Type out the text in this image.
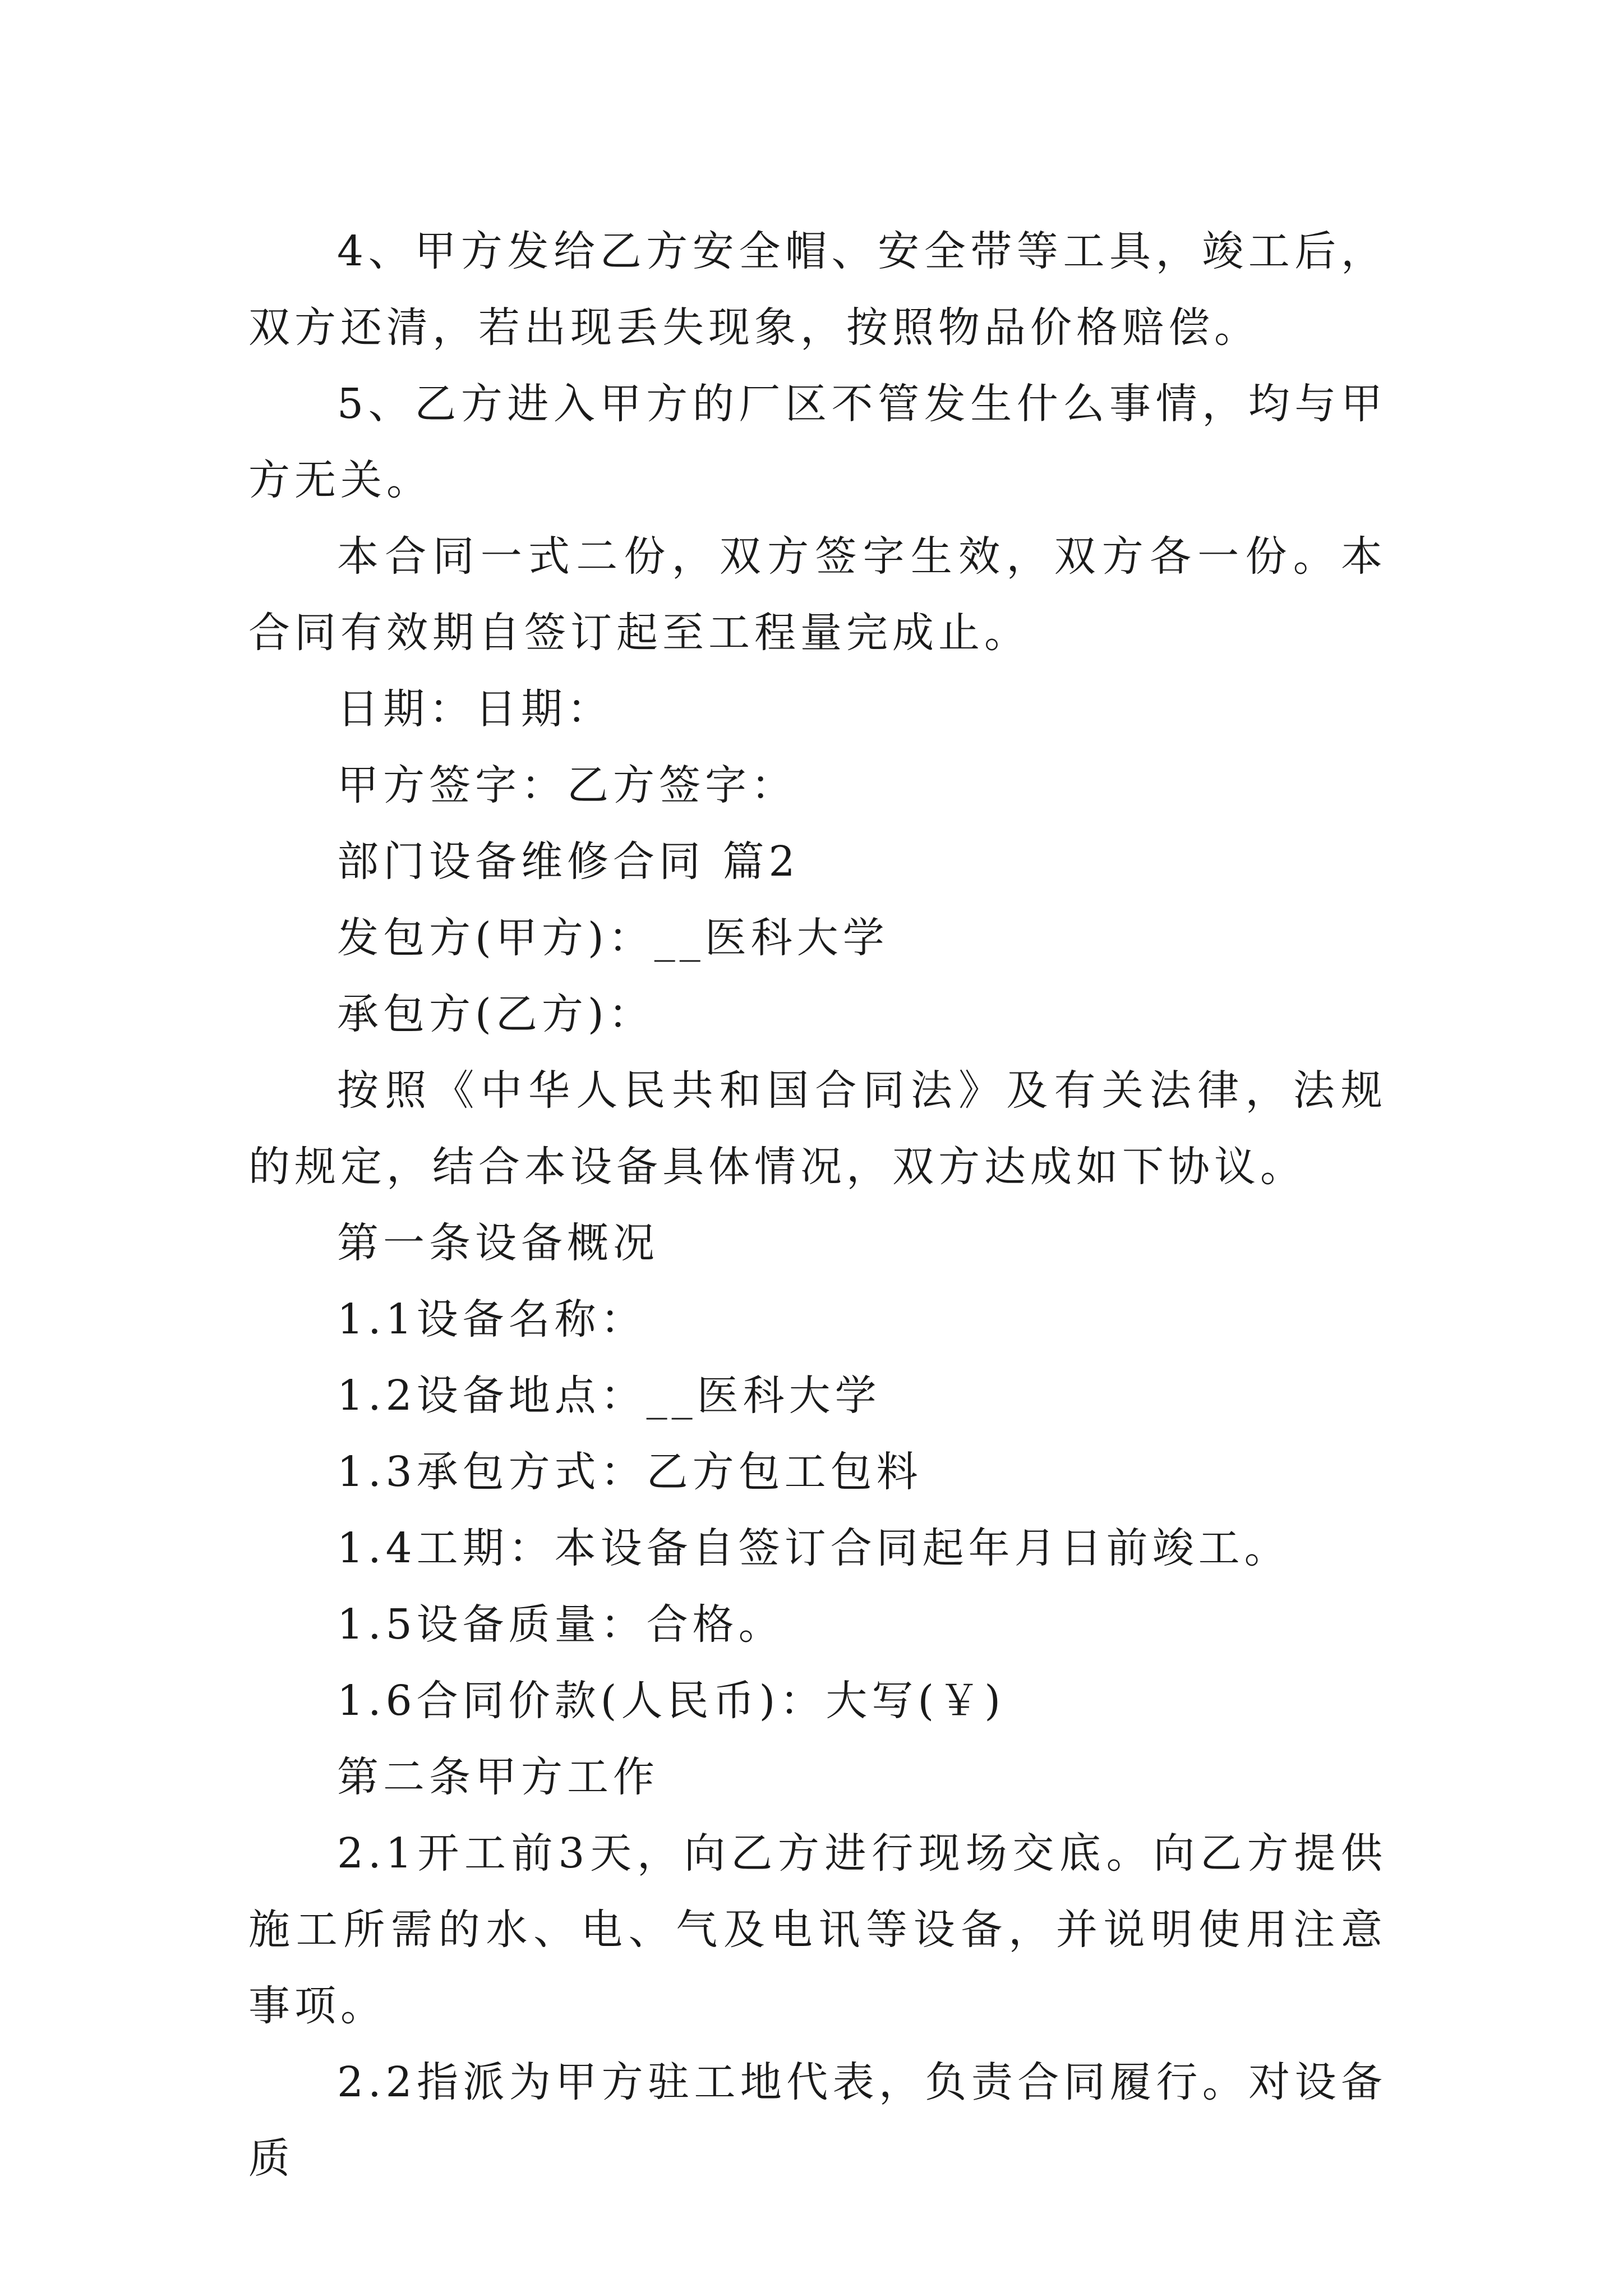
4、甲方发给乙方安全帽、安全带等工具，竣工后，双方还清，若出现丢失现象，按照物品价格赔偿。

5、乙方进入甲方的厂区不管发生什么事情，均与甲方无关。

本合同一式二份，双方签字生效，双方各一份。本合同有效期自签订起至工程量完成止。

日期：日期：

甲方签字：乙方签字：

部门设备维修合同 篇2

发包方(甲方)：__医科大学

承包方(乙方)：

按照《中华人民共和国合同法》及有关法律，法规的规定，结合本设备具体情况，双方达成如下协议。

第一条设备概况

1.1设备名称：

1.2设备地点：__医科大学

1.3承包方式：乙方包工包料

1.4工期：本设备自签订合同起年月日前竣工。

1.5设备质量：合格。

1.6合同价款(人民币)：大写(￥)

第二条甲方工作

2.1开工前3天，向乙方进行现场交底。向乙方提供施工所需的水、电、气及电讯等设备，并说明使用注意事项。

2.2指派为甲方驻工地代表，负责合同履行。对设备质
